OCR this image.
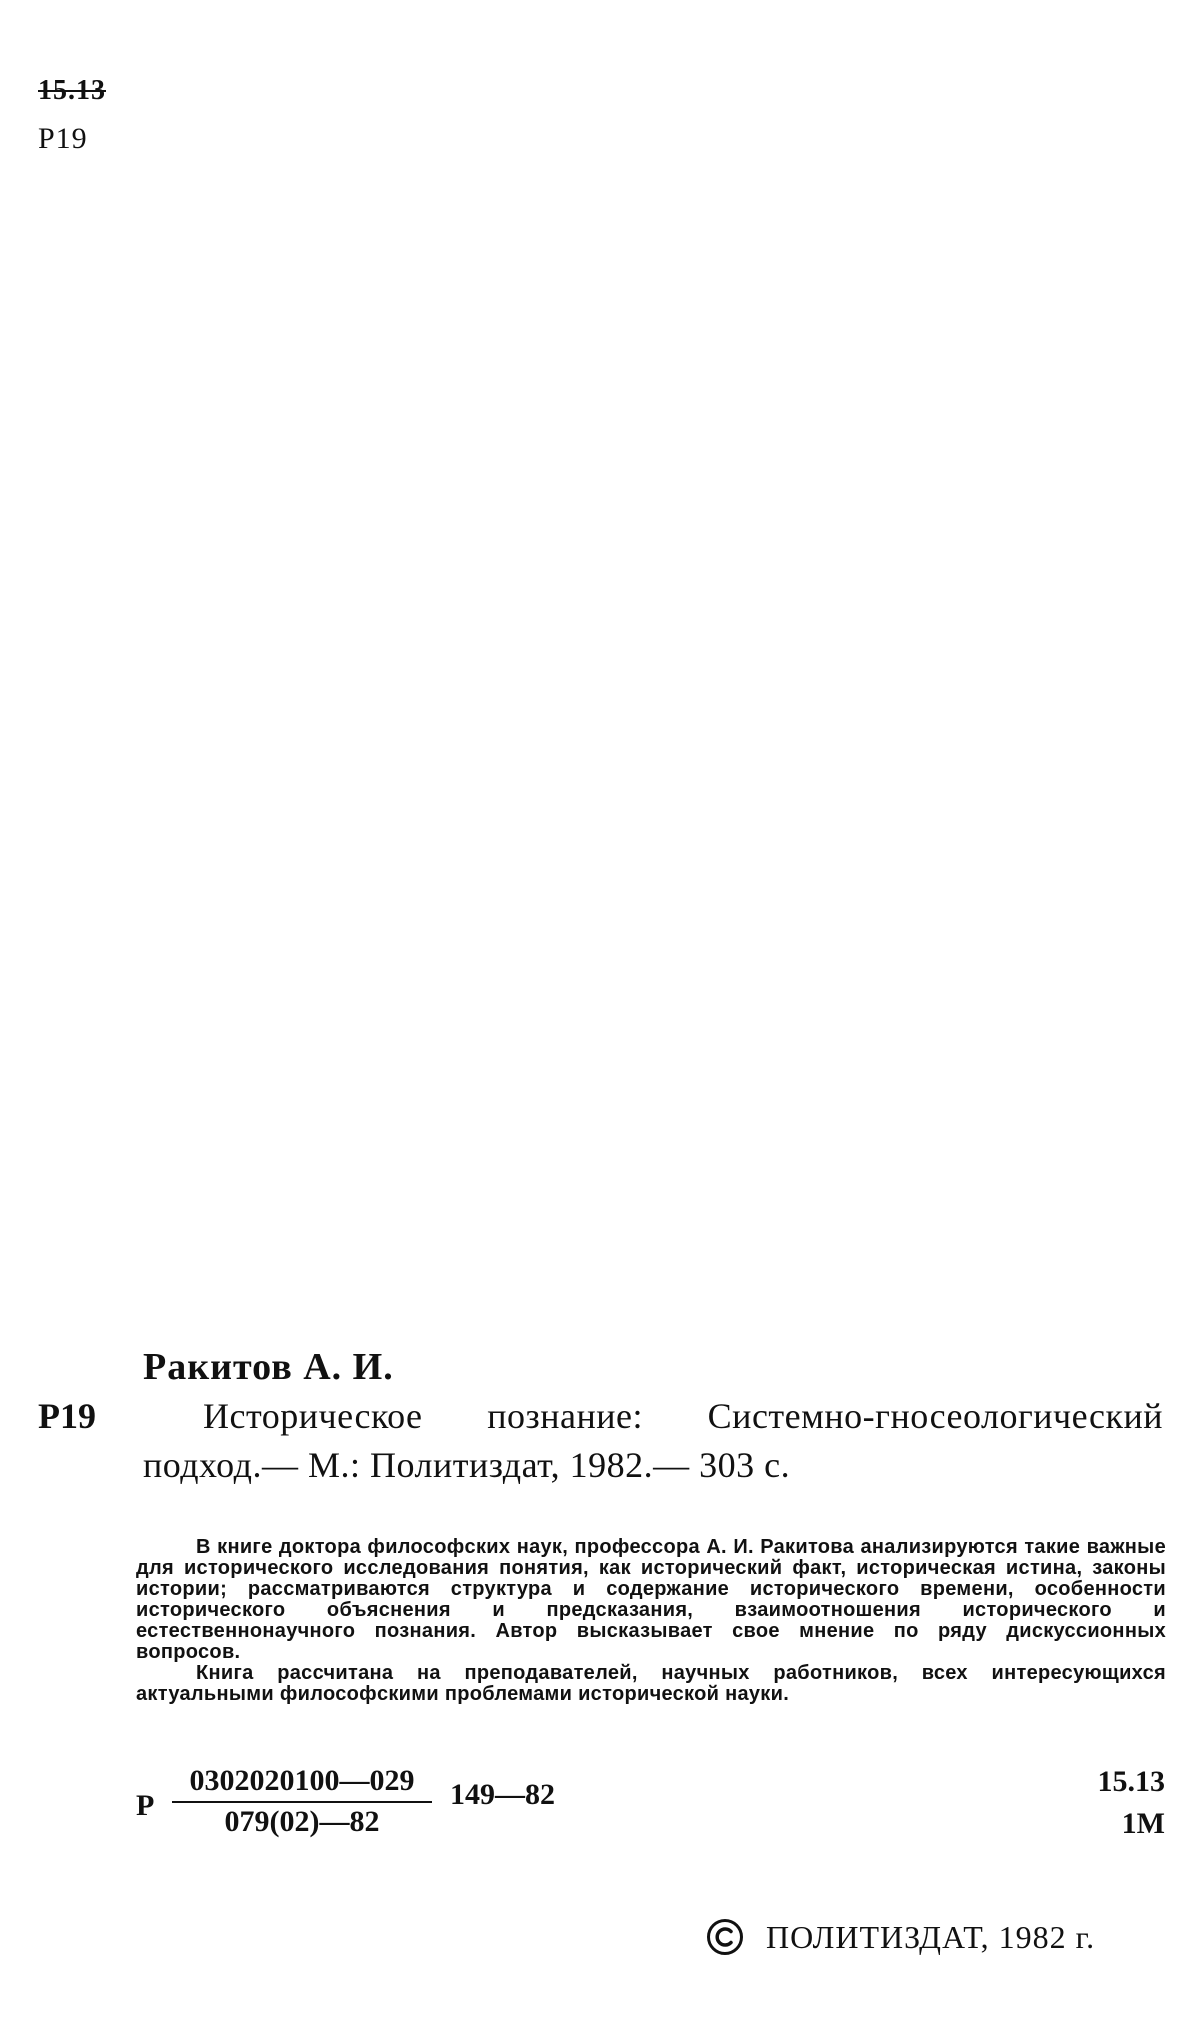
15.13
Р19
Ракитов А. И.
Р19	Историческое познание: Системно-гносеологический подход.— М.: Политиздат, 1982.— 303 с.

В книге доктора философских наук, профессора А. И. Ракитова анализируются такие важные для исторического исследования понятия, как исторический факт, историческая истина, законы истории; рассматриваются структура и содержание исторического времени, особенности исторического объяснения и предсказания, взаимоотношения исторического и естественнонаучного познания. Автор высказывает свое мнение по ряду дискуссионных вопросов.

Книга рассчитана на преподавателей, научных работников, всех интересующихся актуальными философскими проблемами исторической науки.

Р $\frac{0302020100—029}{079(02)—82}$ 149—82	15.13
1М
ПОЛИТИЗДАТ, 1982 г.
